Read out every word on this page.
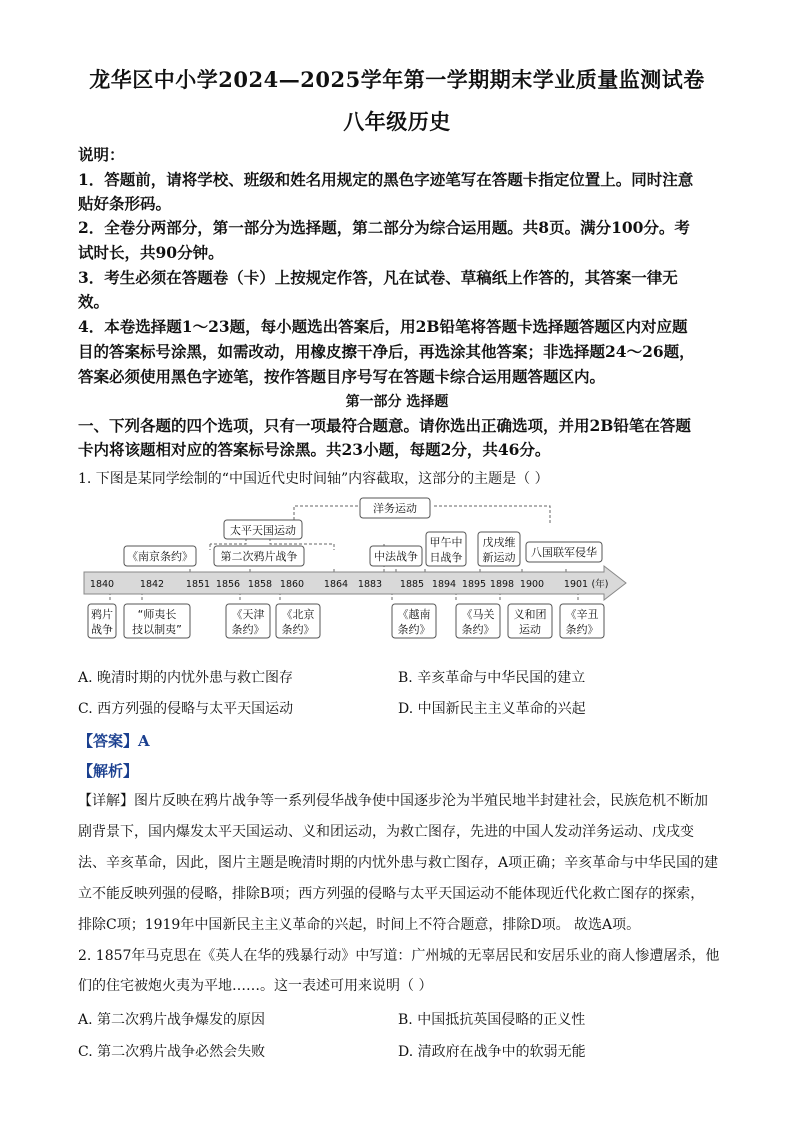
龙华区中小学2024—2025学年第一学期期末学业质量监测试卷
八年级历史
说明：
1．答题前，请将学校、班级和姓名用规定的黑色字迹笔写在答题卡指定位置上。同时注意
贴好条形码。
2．全卷分两部分，第一部分为选择题，第二部分为综合运用题。共8页。满分100分。考
试时长，共90分钟。
3．考生必须在答题卷（卡）上按规定作答，凡在试卷、草稿纸上作答的，其答案一律无
效。
4．本卷选择题1～23题，每小题选出答案后，用2B铅笔将答题卡选择题答题区内对应题
目的答案标号涂黑，如需改动，用橡皮擦干净后，再选涂其他答案；非选择题24～26题，
答案必须使用黑色字迹笔，按作答题目序号写在答题卡综合运用题答题区内。
第一部分 选择题
一、下列各题的四个选项，只有一项最符合题意。请你选出正确选项，并用2B铅笔在答题
卡内将该题相对应的答案标号涂黑。共23小题，每题2分，共46分。
1. 下图是某同学绘制的“中国近代史时间轴”内容截取，这部分的主题是（ ）
洋务运动
太平天国运动
《南京条约》	第二次鸦片战争	中法战争
甲午中
日战争
戊戌维
新运动 八国联军侵华
1840	1842 1851 1856 1858 1860 1864 1883 1885 1894 1895 1898 1900 1901 (年)
鸦片
战争
“师夷长
技以制夷”
《天津
条约》
《北京
条约》
《越南
条约》
《马关
条约》
义和团
运动
《辛丑
条约》
A. 晚清时期的内忧外患与救亡图存	B. 辛亥革命与中华民国的建立
C. 西方列强的侵略与太平天国运动	D. 中国新民主主义革命的兴起
【答案】A
【解析】
【详解】图片反映在鸦片战争等一系列侵华战争使中国逐步沦为半殖民地半封建社会，民族危机不断加
剧背景下，国内爆发太平天国运动、义和团运动，为救亡图存，先进的中国人发动洋务运动、戊戌变
法、辛亥革命，因此，图片主题是晚清时期的内忧外患与救亡图存，A项正确；辛亥革命与中华民国的建
立不能反映列强的侵略，排除B项；西方列强的侵略与太平天国运动不能体现近代化救亡图存的探索，
排除C项；1919年中国新民主主义革命的兴起，时间上不符合题意，排除D项。 故选A项。
2. 1857年马克思在《英人在华的残暴行动》中写道：广州城的无辜居民和安居乐业的商人惨遭屠杀，他
们的住宅被炮火夷为平地……。这一表述可用来说明（ ）
A. 第二次鸦片战争爆发的原因	B. 中国抵抗英国侵略的正义性
C. 第二次鸦片战争必然会失败	D. 清政府在战争中的软弱无能
